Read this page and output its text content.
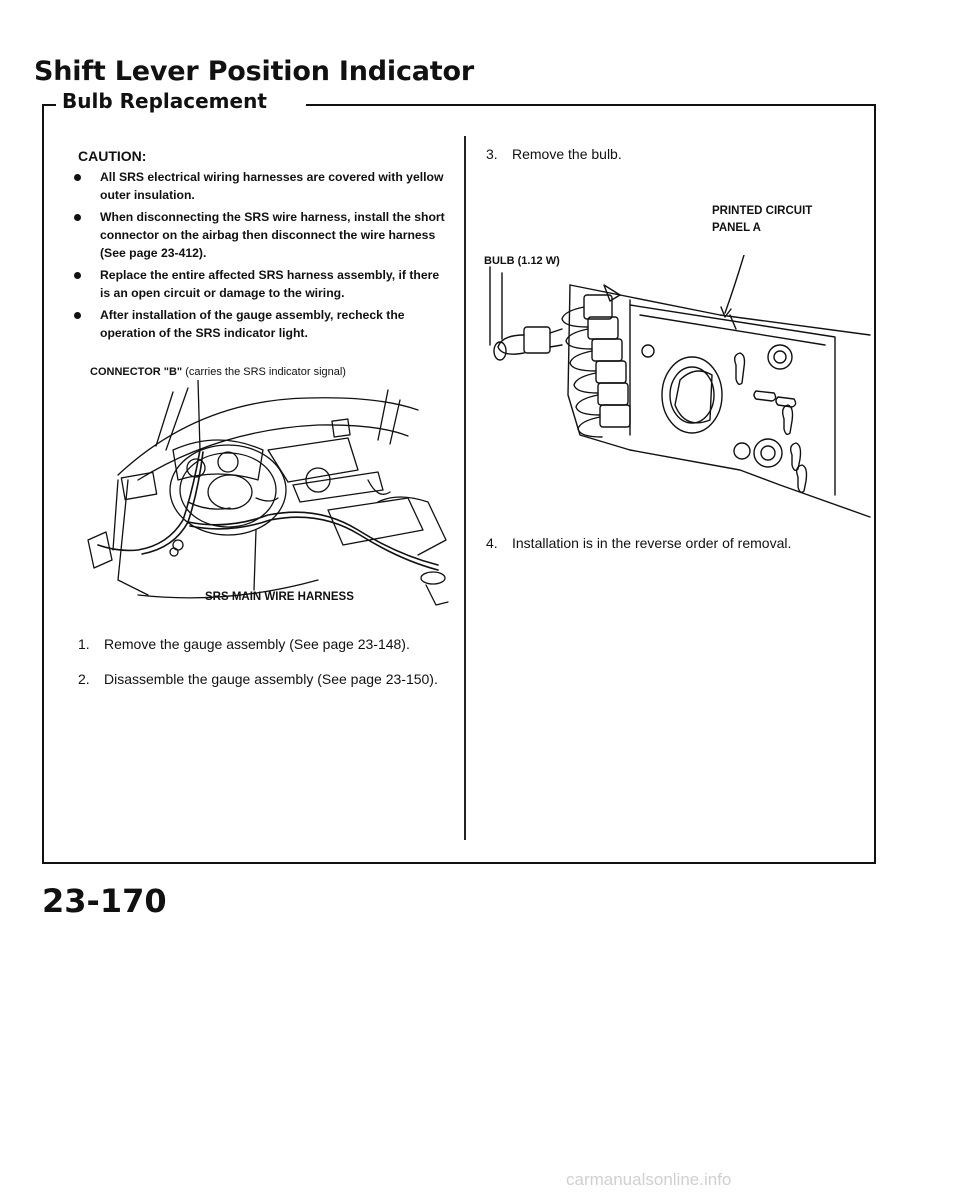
Shift Lever Position Indicator
Bulb Replacement
CAUTION:
All SRS electrical wiring harnesses are covered with yellow outer insulation.
When disconnecting the SRS wire harness, install the short connector on the airbag then disconnect the wire harness (See page 23-412).
Replace the entire affected SRS harness assembly, if there is an open circuit or damage to the wiring.
After installation of the gauge assembly, recheck the operation of the SRS indicator light.
CONNECTOR "B" (carries the SRS indicator signal)
SRS MAIN WIRE HARNESS
1. Remove the gauge assembly (See page 23-148).
2. Disassemble the gauge assembly (See page 23-150).
3. Remove the bulb.
PRINTED CIRCUIT
PANEL A
BULB (1.12 W)
4. Installation is in the reverse order of removal.
23-170
carmanualsonline.info
